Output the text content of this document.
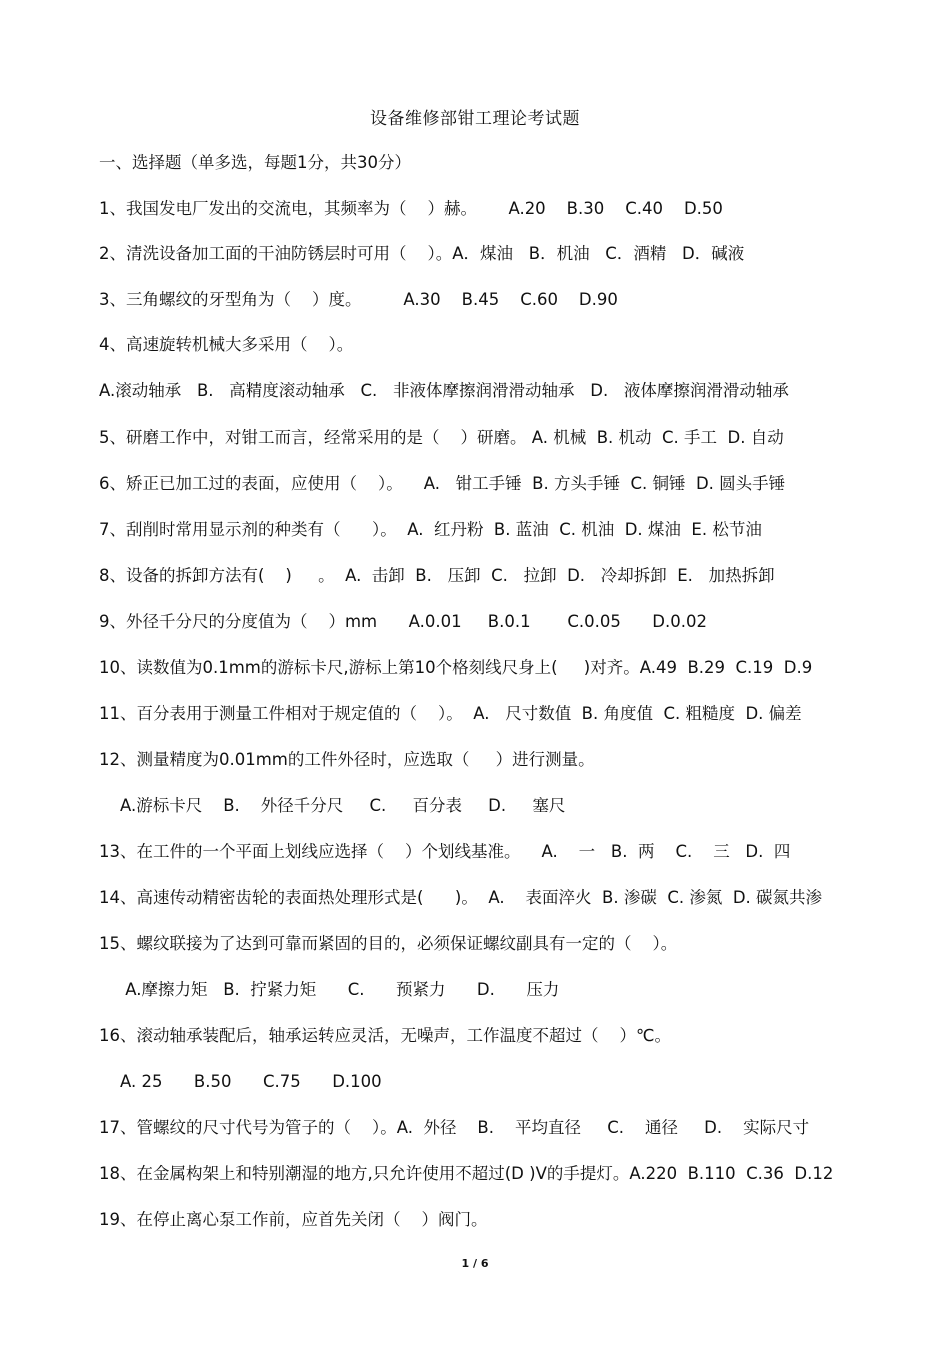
设备维修部钳工理论考试题
一、选择题（单多选，每题1分，共30分）
1、我国发电厂发出的交流电，其频率为（    ）赫。      A.20    B.30    C.40    D.50
2、清洗设备加工面的干油防锈层时可用（    ）。A．煤油   B．机油   C．酒精   D．碱液
3、三角螺纹的牙型角为（    ）度。        A.30    B.45    C.60    D.90
4、高速旋转机械大多采用（    ）。
A.滚动轴承   B.   高精度滚动轴承   C.   非液体摩擦润滑滑动轴承   D.   液体摩擦润滑滑动轴承
5、研磨工作中，对钳工而言，经常采用的是（    ）研磨。 A. 机械  B. 机动  C. 手工  D. 自动
6、矫正已加工过的表面，应使用（    ）。    A.   钳工手锤  B. 方头手锤  C. 铜锤  D. 圆头手锤
7、刮削时常用显示剂的种类有（      ）。  A.  红丹粉  B. 蓝油  C. 机油  D. 煤油  E. 松节油
8、设备的拆卸方法有(    )     。  A.  击卸  B.   压卸  C.   拉卸  D.   冷却拆卸  E.   加热拆卸
9、外径千分尺的分度值为（    ）mm      A.0.01     B.0.1       C.0.05      D.0.02
10、读数值为0.1mm的游标卡尺,游标上第10个格刻线尺身上(     )对齐。A.49  B.29  C.19  D.9
11、百分表用于测量工件相对于规定值的（    ）。  A.   尺寸数值  B. 角度值  C. 粗糙度  D. 偏差
12、测量精度为0.01mm的工件外径时，应选取（     ）进行测量。
A.游标卡尺    B.    外径千分尺     C.     百分表     D.     塞尺
13、在工件的一个平面上划线应选择（    ）个划线基准。    A.    一   B.  两    C.    三   D.  四
14、高速传动精密齿轮的表面热处理形式是(      )。  A.    表面淬火  B. 渗碳  C. 渗氮  D. 碳氮共渗
15、螺纹联接为了达到可靠而紧固的目的，必须保证螺纹副具有一定的（    ）。
A.摩擦力矩   B.  拧紧力矩      C.      预紧力      D.      压力
16、滚动轴承装配后，轴承运转应灵活，无噪声，工作温度不超过（    ）℃。
A. 25      B.50      C.75      D.100
17、管螺纹的尺寸代号为管子的（    ）。A.  外径    B.    平均直径     C.    通径     D.    实际尺寸
18、在金属构架上和特别潮湿的地方,只允许使用不超过(D )V的手提灯。A.220  B.110  C.36  D.12
19、在停止离心泵工作前，应首先关闭（    ）阀门。
1 / 6
